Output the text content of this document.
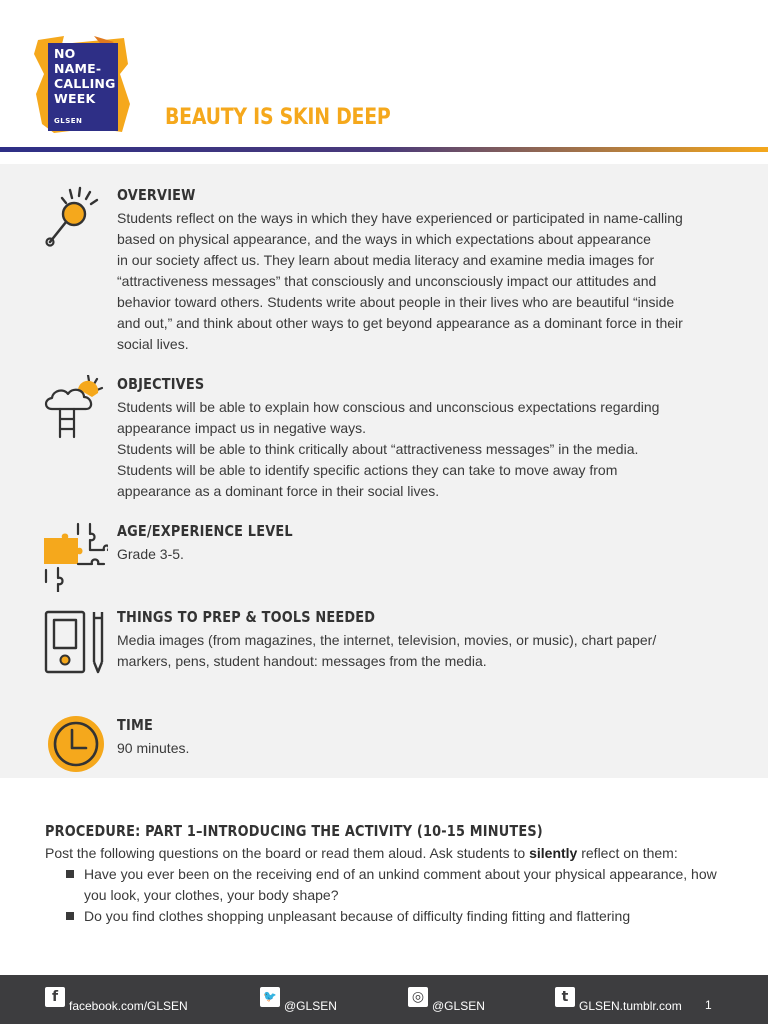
NO
NAME-
CALLING
WEEK
GLSEN	BEAUTY IS SKIN DEEP
OVERVIEW

Students reflect on the ways in which they have experienced or participated in name-calling

based on physical appearance, and the ways in which expectations about appearance

in our society affect us. They learn about media literacy and examine media images for

“attractiveness messages” that consciously and unconsciously impact our attitudes and

behavior toward others. Students write about people in their lives who are beautiful “inside

and out,” and think about other ways to get beyond appearance as a dominant force in their

social lives.

OBJECTIVES

Students will be able to explain how conscious and unconscious expectations regarding

appearance impact us in negative ways.

Students will be able to think critically about “attractiveness messages” in the media.

Students will be able to identify specific actions they can take to move away from

appearance as a dominant force in their social lives.

AGE/EXPERIENCE LEVEL

Grade 3-5.

THINGS TO PREP & TOOLS NEEDED

Media images (from magazines, the internet, television, movies, or music), chart paper/

markers, pens, student handout: messages from the media.

TIME

90 minutes.

PROCEDURE: PART 1–INTRODUCING THE ACTIVITY (10-15 MINUTES)
Post the following questions on the board or read them aloud. Ask students to silently reflect on them:
Have you ever been on the receiving end of an unkind comment about your physical appearance, how you look, your clothes, your body shape?
Do you find clothes shopping unpleasant because of difficulty finding fitting and flattering
f
facebook.com/GLSEN
🐦
@GLSEN
◎
@GLSEN
t
GLSEN.tumblr.com 1
